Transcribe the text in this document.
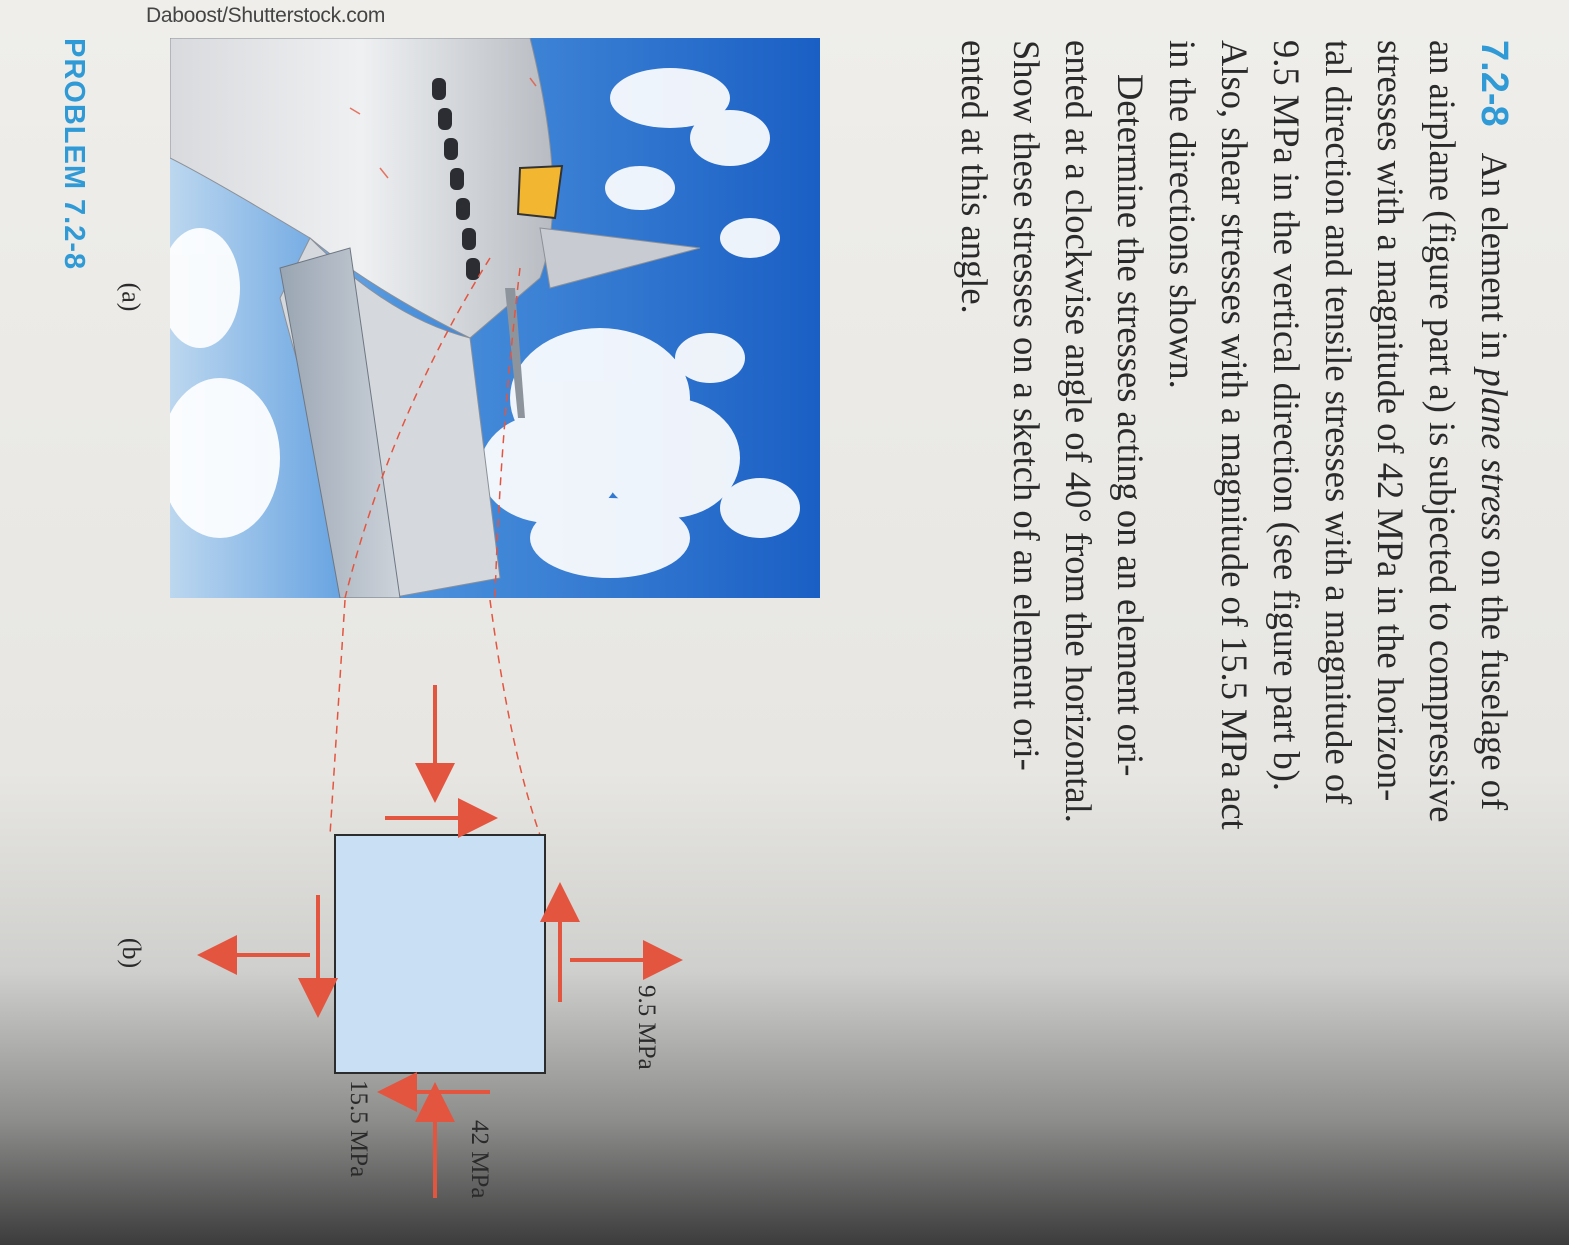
7.2-8An element in plane stress on the fuselage of
an airplane (figure part a) is subjected to compressive
stresses with a magnitude of 42 MPa in the horizon-
tal direction and tensile stresses with a magnitude of
9.5 MPa in the vertical direction (see figure part b).
Also, shear stresses with a magnitude of 15.5 MPa act
in the directions shown.
Determine the stresses acting on an element ori-
ented at a clockwise angle of 40° from the horizontal.
Show these stresses on a sketch of an element ori-
ented at this angle.

Daboost/Shutterstock.com
PROBLEM 7.2-8
(a)
(b)
9.5 MPa
42 MPa
15.5 MPa
